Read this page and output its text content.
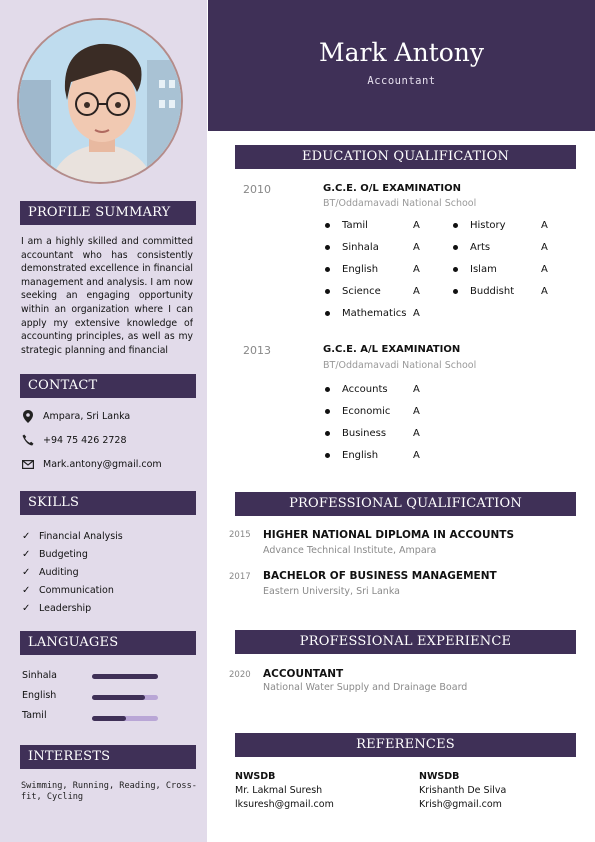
PROFILE SUMMARY
I am a highly skilled and committed accountant who has consistently demonstrated excellence in financial management and analysis. I am now seeking an engaging opportunity within an organization where I can apply my extensive knowledge of accounting principles, as well as my strategic planning and financial
CONTACT
Ampara, Sri Lanka
+94 75 426 2728
Mark.antony@gmail.com
SKILLS
✓ Financial Analysis
✓ Budgeting
✓ Auditing
✓ Communication
✓ Leadership
LANGUAGES
Sinhala
English
Tamil
INTERESTS
Swimming, Running, Reading, Cross-fit, Cycling
Mark Antony
Accountant
EDUCATION QUALIFICATION
2010	G.C.E. O/L EXAMINATION
BT/Oddamavadi National School
Tamil	A
Sinhala	A
English	A
Science	A
Mathematics A
History	A
Arts	A
Islam	A
Buddisht	A
2013	G.C.E. A/L EXAMINATION
BT/Oddamavadi National School
Accounts	A
Economic A
Business	A
English	A
PROFESSIONAL QUALIFICATION
2015 HIGHER NATIONAL DIPLOMA IN ACCOUNTS
Advance Technical Institute, Ampara
2017 BACHELOR OF BUSINESS MANAGEMENT
Eastern University, Sri Lanka
PROFESSIONAL EXPERIENCE
2020 ACCOUNTANT
National Water Supply and Drainage Board
REFERENCES
NWSDB
Mr. Lakmal Suresh
lksuresh@gmail.com
NWSDB
Krishanth De Silva
Krish@gmail.com
